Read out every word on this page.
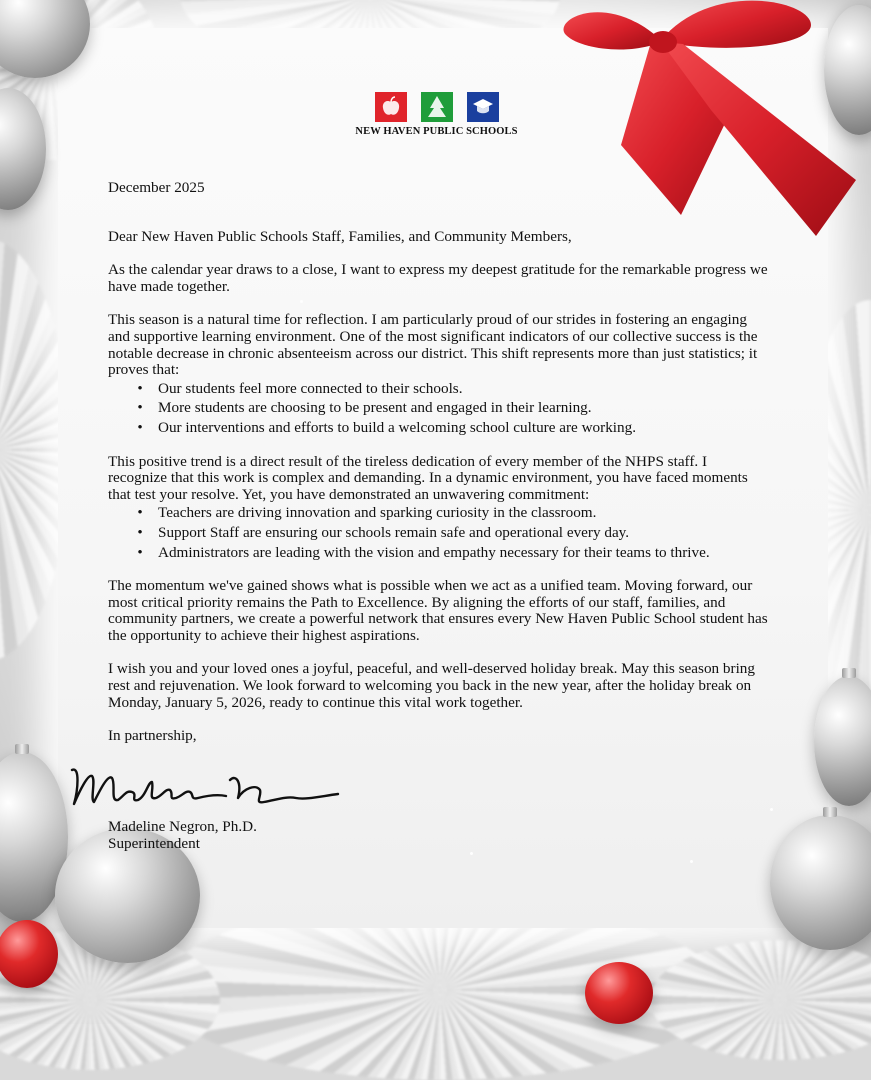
NEW HAVEN PUBLIC SCHOOLS

December 2025

Dear New Haven Public Schools Staff, Families, and Community Members,

As the calendar year draws to a close, I want to express my deepest gratitude for the remarkable progress we have made together.

This season is a natural time for reflection. I am particularly proud of our strides in fostering an engaging and supportive learning environment. One of the most significant indicators of our collective success is the notable decrease in chronic absenteeism across our district. This shift represents more than just statistics; it proves that:

• Our students feel more connected to their schools.
• More students are choosing to be present and engaged in their learning.
• Our interventions and efforts to build a welcoming school culture are working.

This positive trend is a direct result of the tireless dedication of every member of the NHPS staff. I recognize that this work is complex and demanding. In a dynamic environment, you have faced moments that test your resolve. Yet, you have demonstrated an unwavering commitment:

• Teachers are driving innovation and sparking curiosity in the classroom.
• Support Staff are ensuring our schools remain safe and operational every day.
• Administrators are leading with the vision and empathy necessary for their teams to thrive.

The momentum we've gained shows what is possible when we act as a unified team. Moving forward, our most critical priority remains the Path to Excellence. By aligning the efforts of our staff, families, and community partners, we create a powerful network that ensures every New Haven Public School student has the opportunity to achieve their highest aspirations.

I wish you and your loved ones a joyful, peaceful, and well-deserved holiday break. May this season bring rest and rejuvenation. We look forward to welcoming you back in the new year, after the holiday break on Monday, January 5, 2026, ready to continue this vital work together.

In partnership,

Madeline Negron, Ph.D.
Superintendent
